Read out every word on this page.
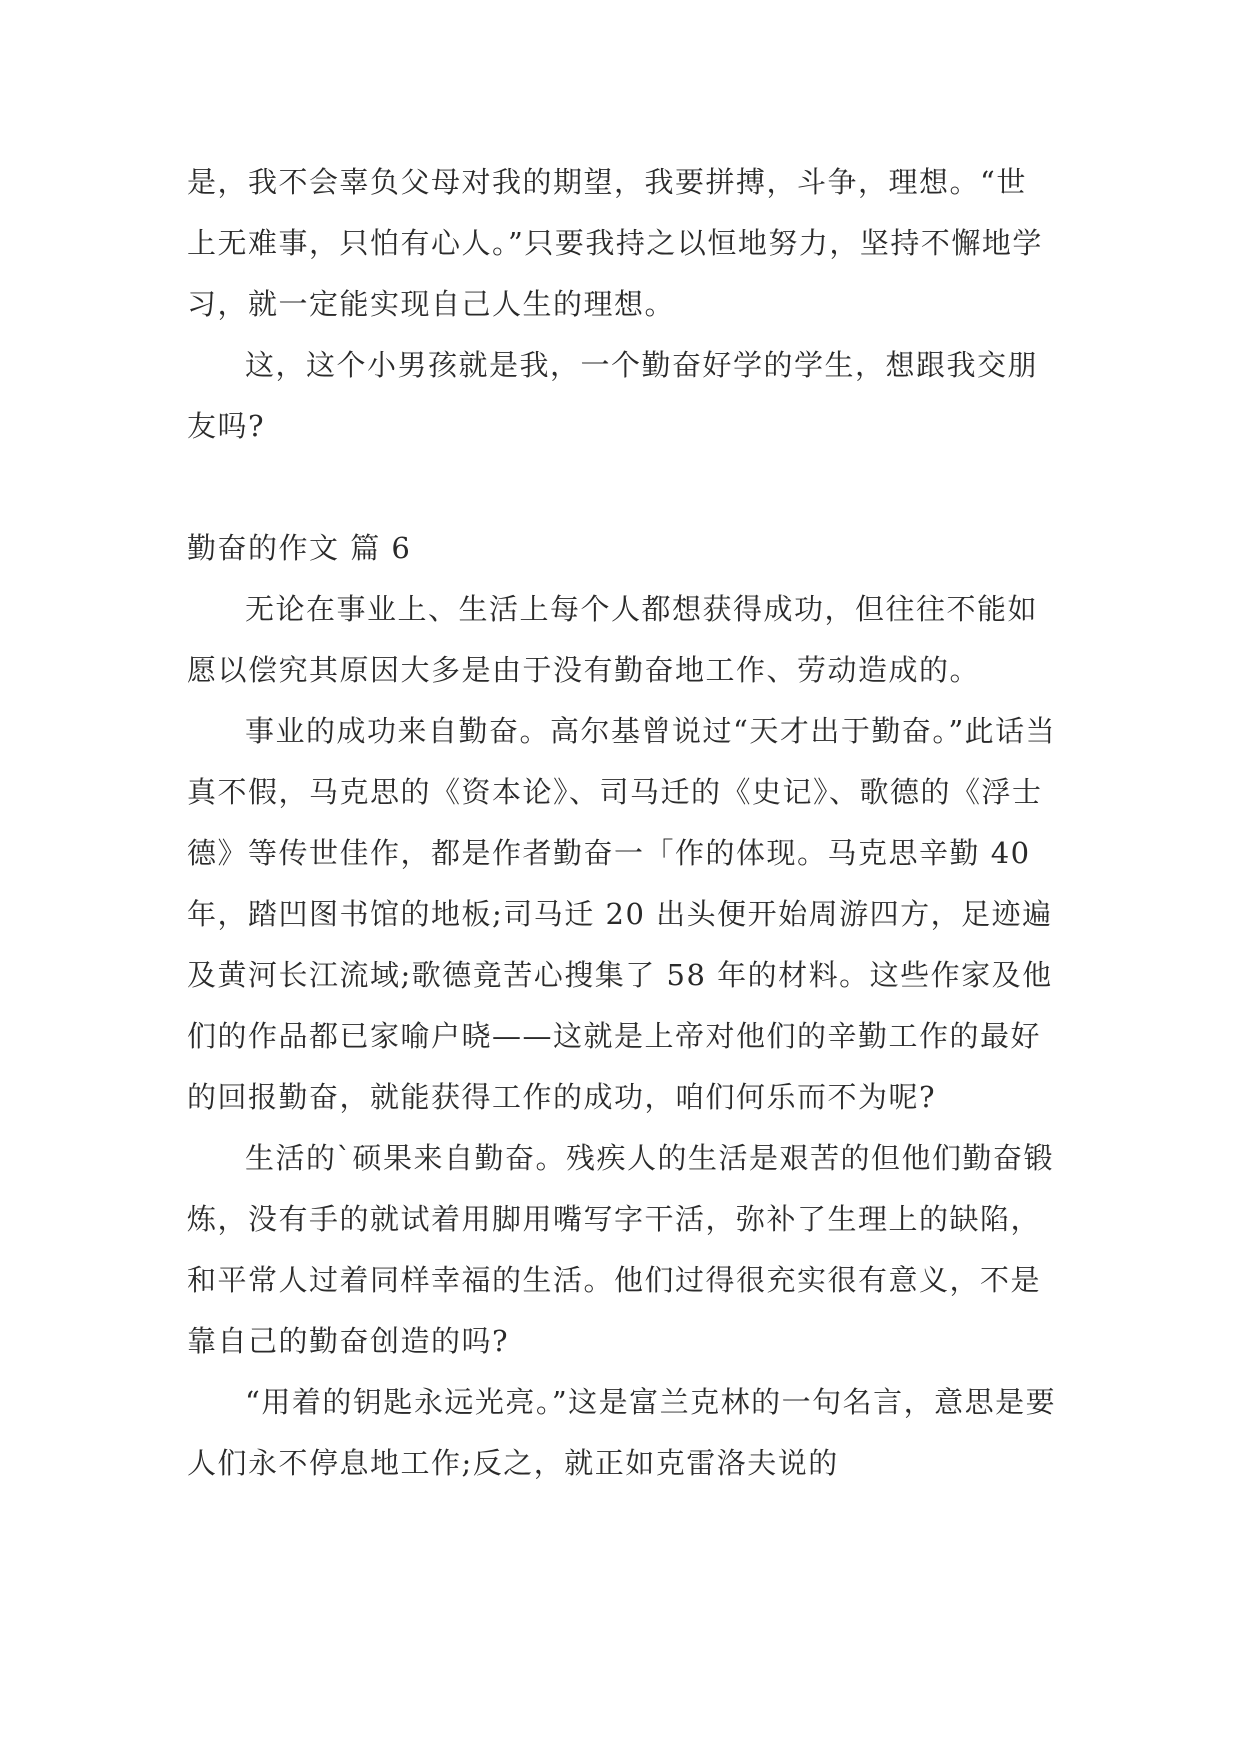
是，我不会辜负父母对我的期望，我要拼搏，斗争，理想。“世上无难事，只怕有心人。”只要我持之以恒地努力，坚持不懈地学习，就一定能实现自己人生的理想。

这，这个小男孩就是我，一个勤奋好学的学生，想跟我交朋友吗?

勤奋的作文 篇 6

无论在事业上、生活上每个人都想获得成功，但往往不能如愿以偿究其原因大多是由于没有勤奋地工作、劳动造成的。

事业的成功来自勤奋。高尔基曾说过“天才出于勤奋。”此话当真不假，马克思的《资本论》、司马迁的《史记》、歌德的《浮士德》等传世佳作，都是作者勤奋一「作的体现。马克思辛勤 40 年，踏凹图书馆的地板;司马迁 20 出头便开始周游四方，足迹遍及黄河长江流域;歌德竟苦心搜集了 58 年的材料。这些作家及他们的作品都已家喻户晓——这就是上帝对他们的辛勤工作的最好的回报勤奋，就能获得工作的成功，咱们何乐而不为呢?

生活的`硕果来自勤奋。残疾人的生活是艰苦的但他们勤奋锻炼，没有手的就试着用脚用嘴写字干活，弥补了生理上的缺陷，和平常人过着同样幸福的生活。他们过得很充实很有意义，不是靠自己的勤奋创造的吗?

“用着的钥匙永远光亮。”这是富兰克林的一句名言，意思是要人们永不停息地工作;反之，就正如克雷洛夫说的
